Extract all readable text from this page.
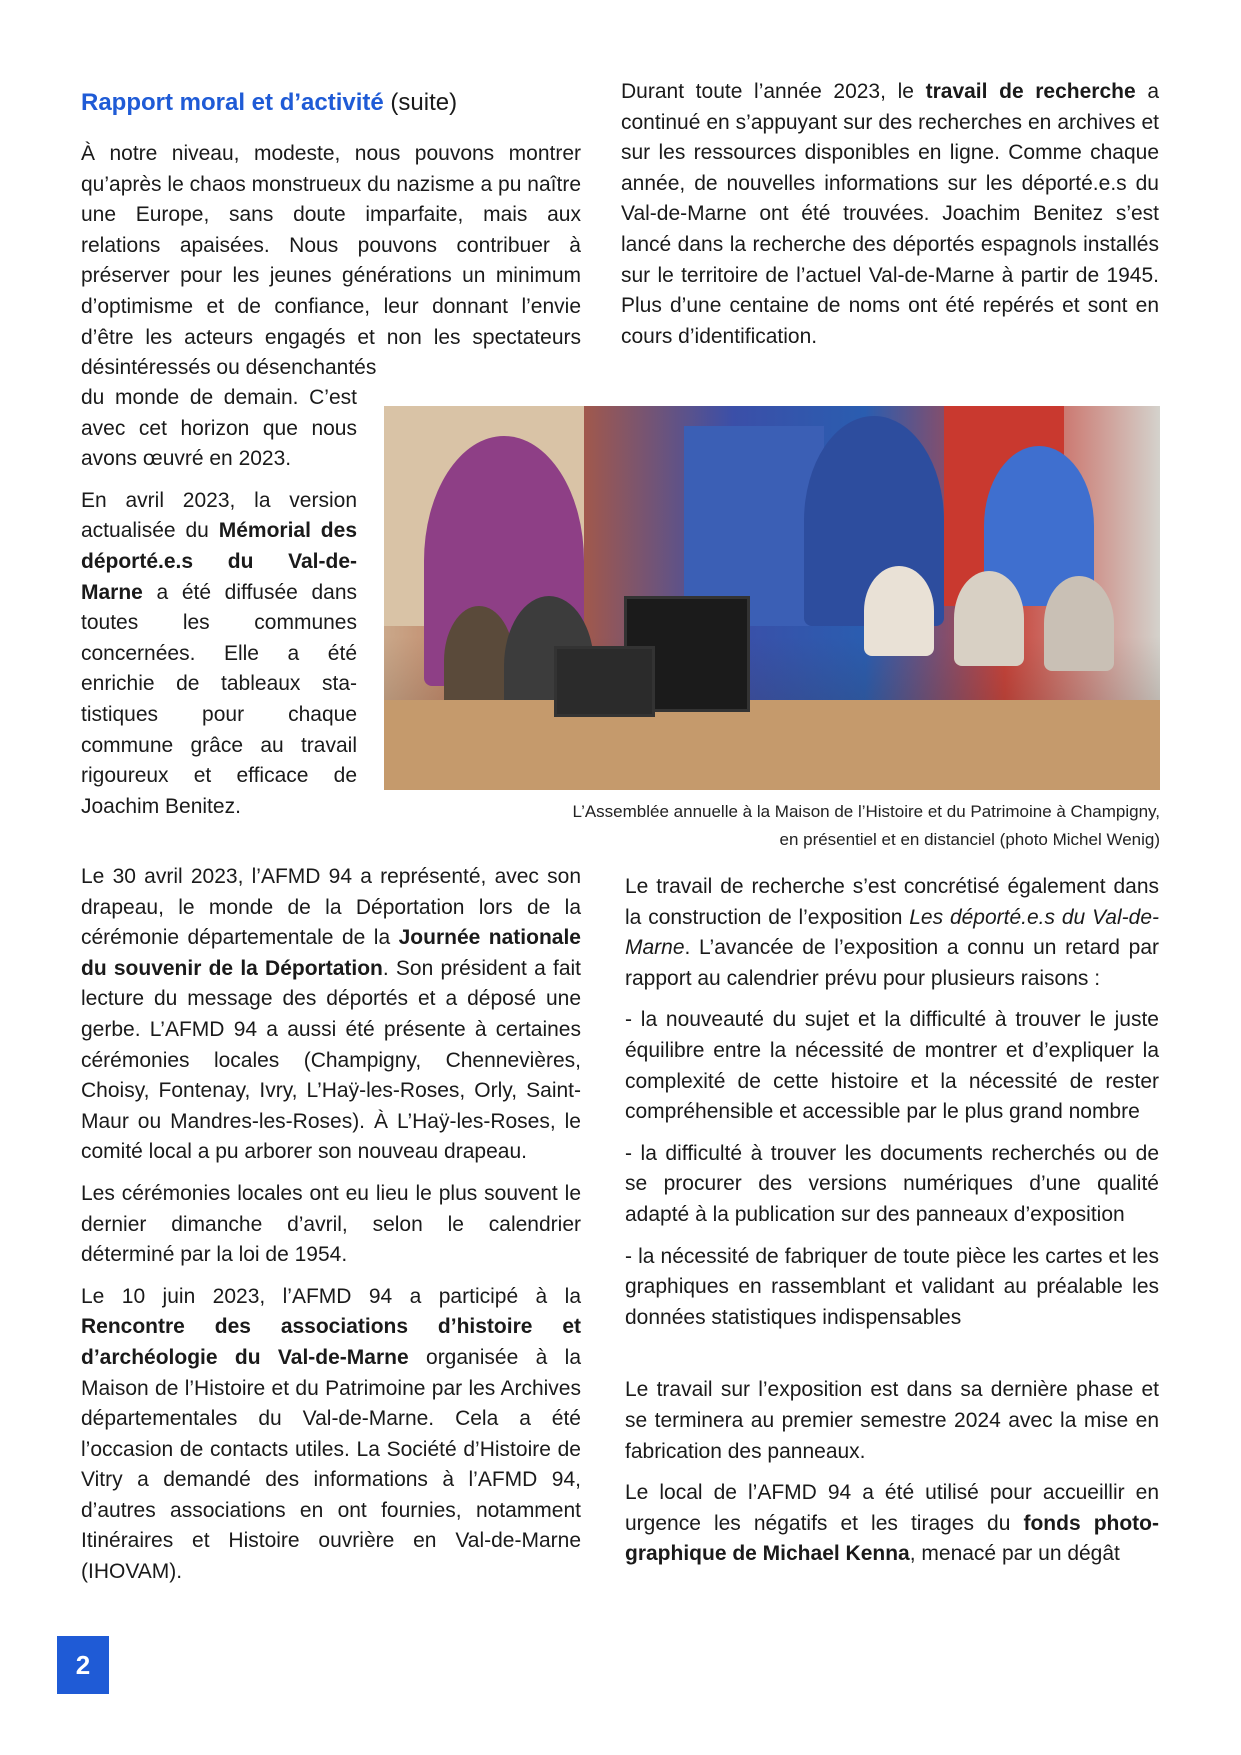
Rapport moral et d’activité (suite)

À notre niveau, modeste, nous pouvons montrer qu’après le chaos monstrueux du nazisme a pu naître une Europe, sans doute imparfaite, mais aux relations apaisées. Nous pouvons contribuer à préserver pour les jeunes générations un minimum d’optimisme et de confiance, leur donnant l’envie d’être les acteurs engagés et non les spectateurs désintéressés ou désenchantés

du monde de demain. C’est avec cet horizon que nous avons œuvré en 2023.

En avril 2023, la version actualisée du Mémorial des déporté.e.s du Val-de-Marne a été diffusée dans toutes les communes concernées. Elle a été enrichie de tableaux sta-tistiques pour chaque commune grâce au travail rigoureux et efficace de Joachim Benitez.

Le 30 avril 2023, l’AFMD 94 a représenté, avec son drapeau, le monde de la Déportation lors de la cérémonie départementale de la Journée nationale du souvenir de la Déportation. Son président a fait lecture du message des déportés et a déposé une gerbe. L’AFMD 94 a aussi été présente à certaines cérémonies locales (Champigny, Chennevières, Choisy, Fontenay, Ivry, L’Haÿ-les-Roses, Orly, Saint-Maur ou Mandres-les-Roses). À L’Haÿ-les-Roses, le comité local a pu arborer son nouveau drapeau.

Les cérémonies locales ont eu lieu le plus souvent le dernier dimanche d’avril, selon le calendrier déterminé par la loi de 1954.

Le 10 juin 2023, l’AFMD 94 a participé à la Rencontre des associations d’histoire et d’archéologie du Val-de-Marne organisée à la Maison de l’Histoire et du Patrimoine par les Archives départementales du Val-de-Marne. Cela a été l’occasion de contacts utiles. La Société d’Histoire de Vitry a demandé des informations à l’AFMD 94, d’autres associations en ont fournies, notamment Itinéraires et Histoire ouvrière en Val-de-Marne (IHOVAM).

Durant toute l’année 2023, le travail de recherche a continué en s’appuyant sur des recherches en archives et sur les ressources disponibles en ligne. Comme chaque année, de nouvelles informations sur les déporté.e.s du Val-de-Marne ont été trouvées. Joachim Benitez s’est lancé dans la recherche des déportés espagnols installés sur le territoire de l’actuel Val-de-Marne à partir de 1945. Plus d’une centaine de noms ont été repérés et sont en cours d’identification.

L’Assemblée annuelle à la Maison de l’Histoire et du Patrimoine à Champigny,
en présentiel et en distanciel (photo Michel Wenig)

Le travail de recherche s’est concrétisé également dans la construction de l’exposition Les déporté.e.s du Val-de-Marne. L’avancée de l’exposition a connu un retard par rapport au calendrier prévu pour plusieurs raisons :

- la nouveauté du sujet et la difficulté à trouver le juste équilibre entre la nécessité de montrer et d’expliquer la complexité de cette histoire et la nécessité de rester compréhensible et accessible par le plus grand nombre

- la difficulté à trouver les documents recherchés ou de se procurer des versions numériques d’une qualité adapté à la publication sur des panneaux d’exposition

- la nécessité de fabriquer de toute pièce les cartes et les graphiques en rassemblant et validant au préalable les données statistiques indispensables

Le travail sur l’exposition est dans sa dernière phase et se terminera au premier semestre 2024 avec la mise en fabrication des panneaux.

Le local de l’AFMD 94 a été utilisé pour accueillir en urgence les négatifs et les tirages du fonds photo-graphique de Michael Kenna, menacé par un dégât

2
